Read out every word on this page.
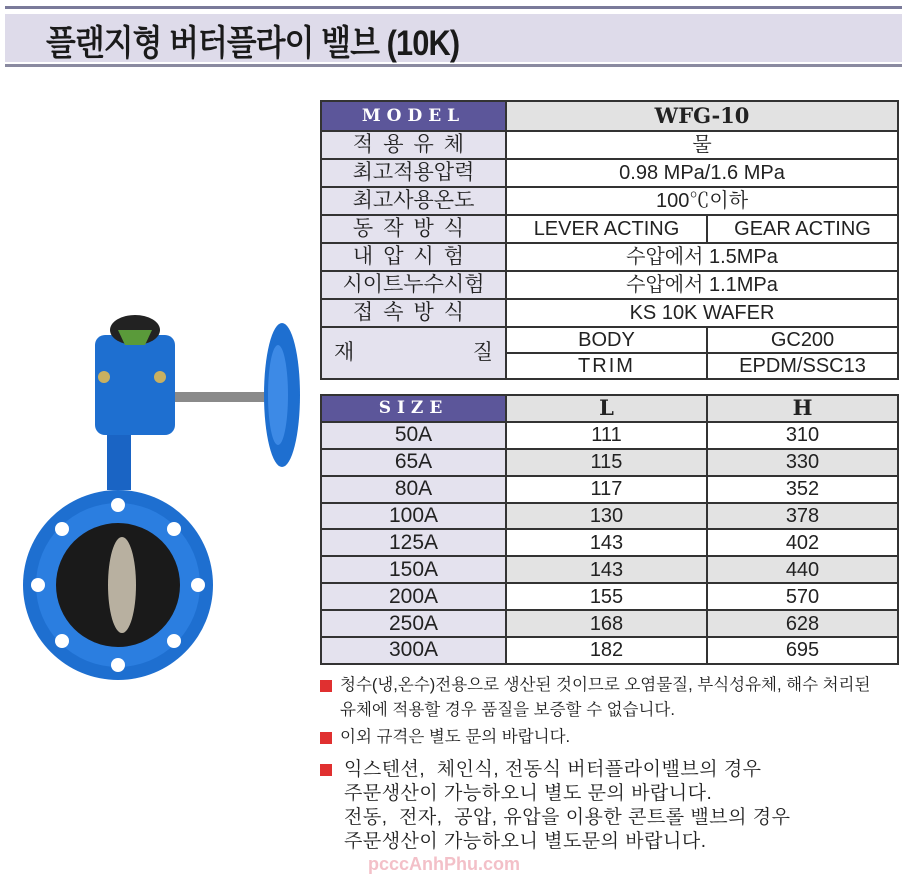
플랜지형 버터플라이 밸브 (10K)
MODEL	WFG-10	
적용유체	물	
최고적용압력	0.98 MPa/1.6 MPa	
최고사용온도	100℃이하	
동작방식	LEVER ACTING	GEAR ACTING
내압시험	수압에서 1.5MPa	
시이트누수시험	수압에서 1.1MPa	
접속방식	KS 10K WAFER	
재 질	BODY	GC200
	TRIM	EPDM/SSC13
SIZE	L	H
50A	111	310
65A	115	330
80A	117	352
100A	130	378
125A	143	402
150A	143	440
200A	155	570
250A	168	628
300A	182	695
청수(냉,온수)전용으로 생산된 것이므로 오염물질, 부식성유체, 해수 처리된
유체에 적용할 경우 품질을 보증할 수 없습니다.
이외 규격은 별도 문의 바랍니다.
익스텐션,  체인식, 전동식 버터플라이밸브의 경우
주문생산이 가능하오니 별도 문의 바랍니다.
전동,  전자,  공압, 유압을 이용한 콘트롤 밸브의 경우
주문생산이 가능하오니 별도문의 바랍니다.
pcccAnhPhu.com
